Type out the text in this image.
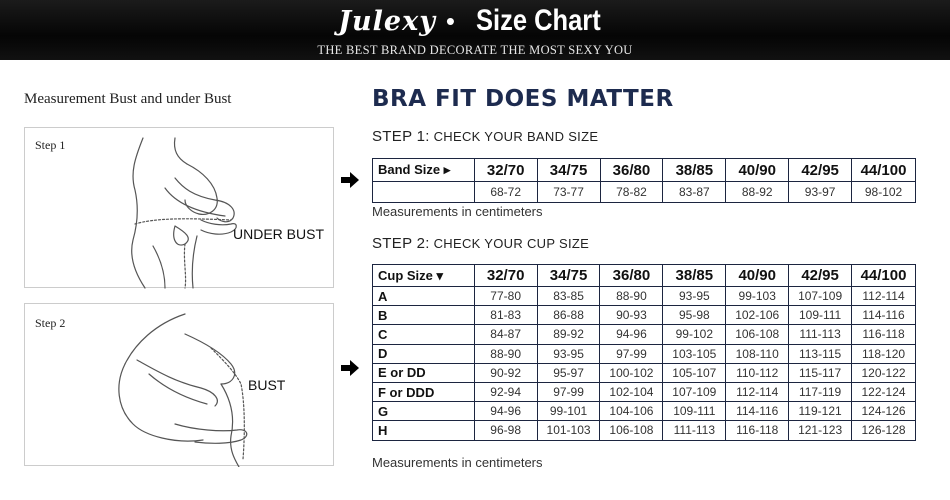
Julexy • Size Chart
THE BEST BRAND DECORATE THE MOST SEXY YOU
Measurement Bust and under Bust
Step 1
UNDER BUST
Step 2
BUST
BRA FIT DOES MATTER
STEP 1: CHECK YOUR BAND SIZE
Band Size ▸	32/70	34/75	36/80	38/85	40/90	42/95	44/100
	68-72	73-77	78-82	83-87	88-92	93-97	98-102
Measurements in centimeters
STEP 2: CHECK YOUR CUP SIZE
Cup Size ▾	32/70	34/75	36/80	38/85	40/90	42/95	44/100
A	77-80	83-85	88-90	93-95	99-103	107-109	112-114
B	81-83	86-88	90-93	95-98	102-106	109-111	114-116
C	84-87	89-92	94-96	99-102	106-108	111-113	116-118
D	88-90	93-95	97-99	103-105	108-110	113-115	118-120
E or DD	90-92	95-97	100-102	105-107	110-112	115-117	120-122
F or DDD	92-94	97-99	102-104	107-109	112-114	117-119	122-124
G	94-96	99-101	104-106	109-111	114-116	119-121	124-126
H	96-98	101-103	106-108	111-113	116-118	121-123	126-128
Measurements in centimeters
